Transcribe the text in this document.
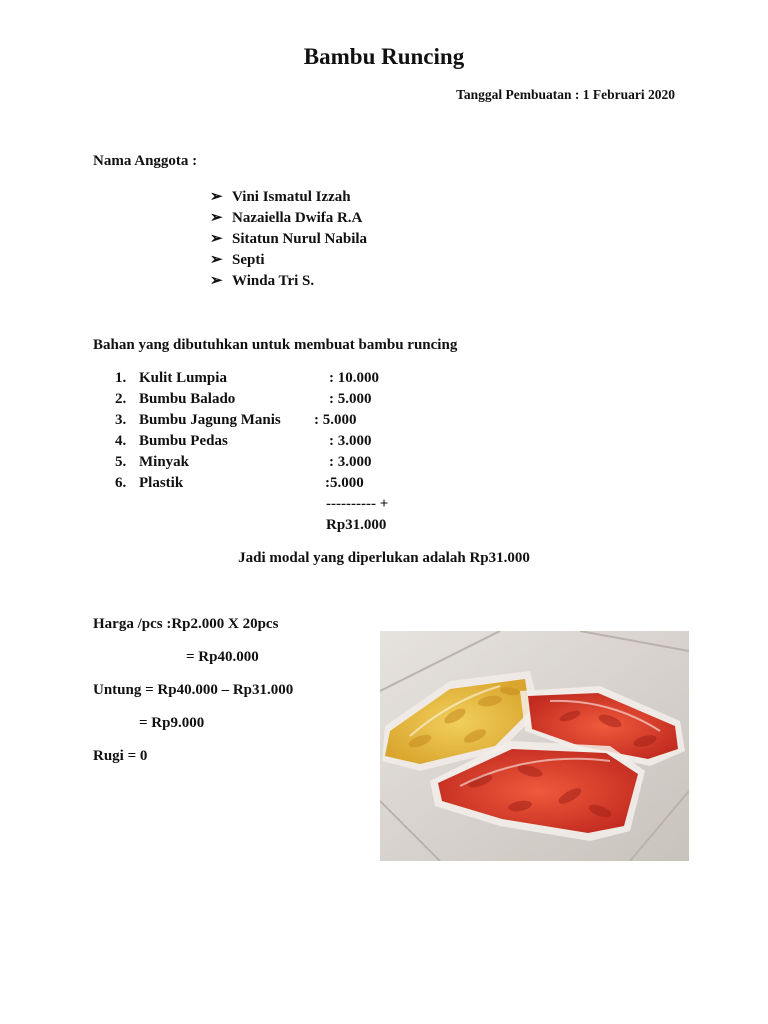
Bambu Runcing
Tanggal Pembuatan : 1 Februari 2020
Nama Anggota :
➢ Vini Ismatul Izzah
➢ Nazaiella Dwifa R.A
➢ Sitatun Nurul Nabila
➢ Septi
➢ Winda Tri S.
Bahan yang dibutuhkan untuk membuat bambu runcing
1. Kulit Lumpia	: 10.000
2. Bumbu Balado	: 5.000
3. Bumbu Jagung Manis : 5.000
4. Bumbu Pedas	: 3.000
5. Minyak	: 3.000
6. Plastik	:5.000
---------- +
Rp31.000
Jadi modal yang diperlukan adalah Rp31.000
Harga /pcs :Rp2.000 X 20pcs
= Rp40.000
Untung = Rp40.000 – Rp31.000
= Rp9.000
Rugi = 0
